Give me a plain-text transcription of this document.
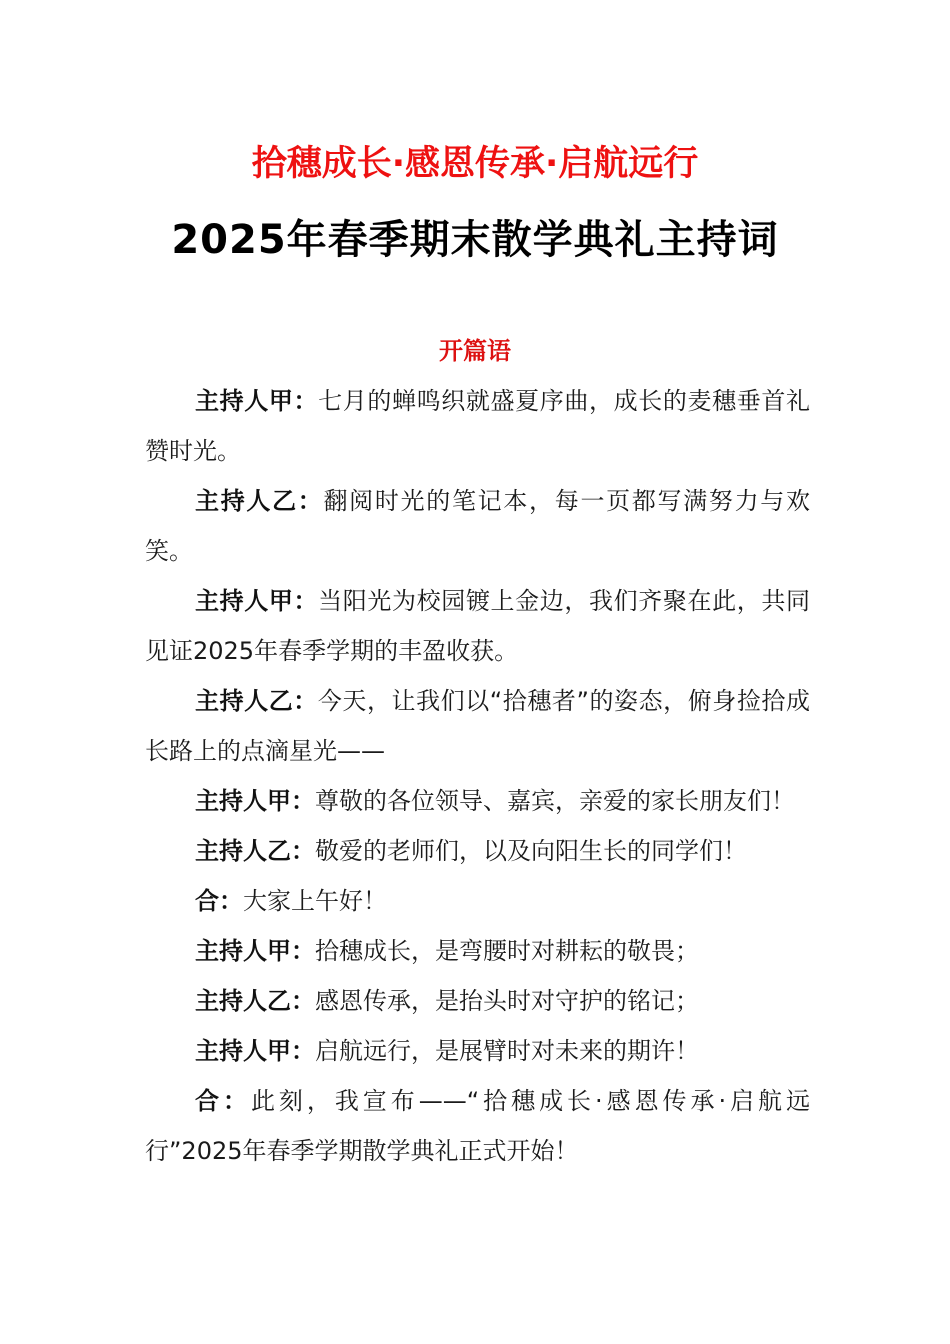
拾穗成长·感恩传承·启航远行
2025年春季期末散学典礼主持词
开篇语

主持人甲：七月的蝉鸣织就盛夏序曲，成长的麦穗垂首礼赞时光。

主持人乙：翻阅时光的笔记本，每一页都写满努力与欢笑。

主持人甲：当阳光为校园镀上金边，我们齐聚在此，共同见证2025年春季学期的丰盈收获。

主持人乙：今天，让我们以“拾穗者”的姿态，俯身捡拾成长路上的点滴星光——

主持人甲：尊敬的各位领导、嘉宾，亲爱的家长朋友们！

主持人乙：敬爱的老师们，以及向阳生长的同学们！

合：大家上午好！

主持人甲：拾穗成长，是弯腰时对耕耘的敬畏；

主持人乙：感恩传承，是抬头时对守护的铭记；

主持人甲：启航远行，是展臂时对未来的期许！

合：此刻，我宣布——“拾穗成长·感恩传承·启航远行”2025年春季学期散学典礼正式开始！
